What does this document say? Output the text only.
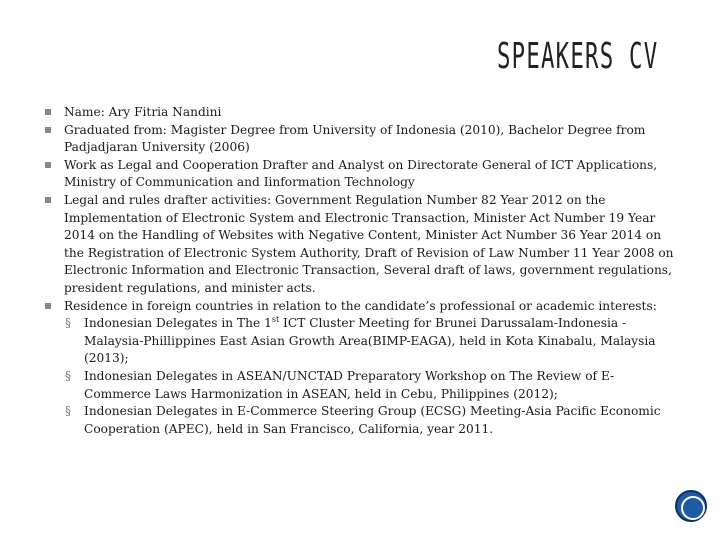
SPEAKERS CV
Name: Ary Fitria Nandini
Graduated from: Magister Degree from University of Indonesia (2010), Bachelor Degree from Padjadjaran University (2006)
Work as Legal and Cooperation Drafter and Analyst on Directorate General of ICT Applications, Ministry of Communication and Iinformation Technology
Legal and rules drafter activities: Government Regulation Number 82 Year 2012 on the Implementation of Electronic System and Electronic Transaction, Minister Act Number 19 Year 2014 on the Handling of Websites with Negative Content, Minister Act Number 36 Year 2014 on the Registration of Electronic System Authority, Draft of Revision of Law Number 11 Year 2008 on Electronic Information and Electronic Transaction, Several draft of laws, government regulations, president regulations, and minister acts.
Residence in foreign countries in relation to the candidate’s professional or academic interests:
§ Indonesian Delegates in The 1st ICT Cluster Meeting for Brunei Darussalam-Indonesia -Malaysia-Phillippines East Asian Growth Area(BIMP-EAGA), held in Kota Kinabalu, Malaysia (2013);
§ Indonesian Delegates in ASEAN/UNCTAD Preparatory Workshop on The Review of E-Commerce Laws Harmonization in ASEAN, held in Cebu, Philippines (2012);
§ Indonesian Delegates in E-Commerce Steering Group (ECSG) Meeting-Asia Pacific Economic Cooperation (APEC), held in San Francisco, California, year 2011.
